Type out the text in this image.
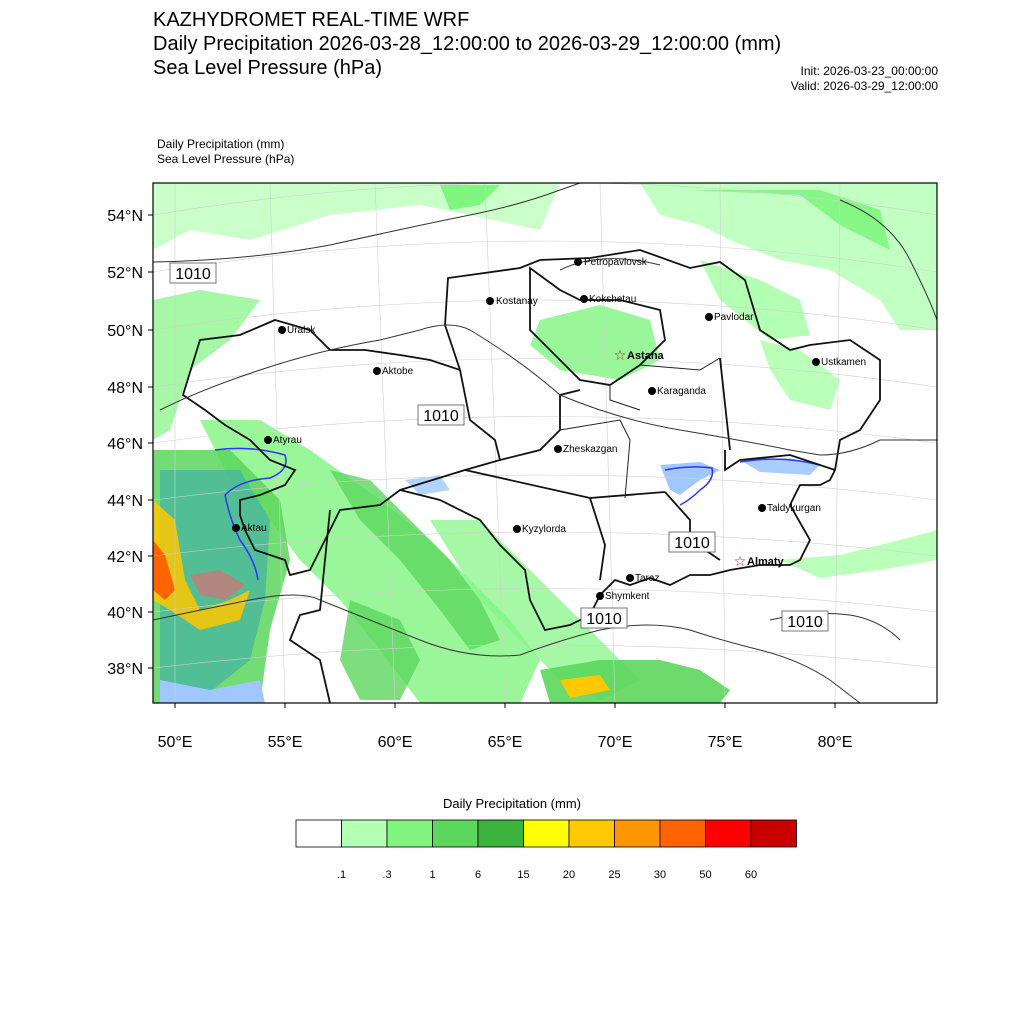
KAZHYDROMET REAL-TIME WRF
Daily Precipitation 2026-03-28_12:00:00 to 2026-03-29_12:00:00 (mm)
Sea Level Pressure (hPa)	Init: 2026-03-23_00:00:00
Valid: 2026-03-29_12:00:00
Daily Precipitation (mm)
Sea Level Pressure (hPa)
54°N
52°N
50°N
48°N
46°N
44°N
42°N
40°N
38°N
50°E	55°E	60°E	65°E	70°E	75°E	80°E
1010
1010
1010
1010	1010
Petropavlovsk
Kostanay	Kokshetau
Pavlodar
Uralsk
☆ Astana
Ustkamen
Aktobe
Karaganda
Atyrau
Zheskazgan
Taldykurgan
Aktau	Kyzylorda
☆ Almaty
Taraz
Shymkent
.1	.3	1	6	15	20	25	30	50	60
Daily Precipitation (mm)
